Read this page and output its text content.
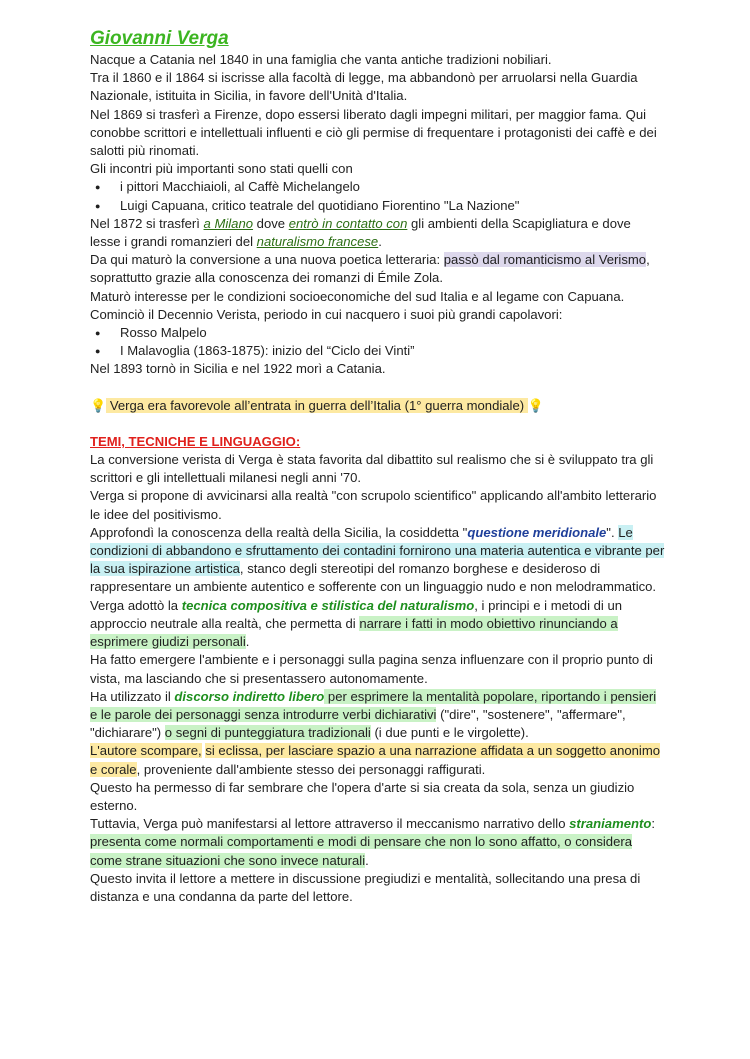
Giovanni Verga

Nacque a Catania nel 1840 in una famiglia che vanta antiche tradizioni nobiliari.

Tra il 1860 e il 1864 si iscrisse alla facoltà di legge, ma abbandonò per arruolarsi nella Guardia Nazionale, istituita in Sicilia, in favore dell'Unità d'Italia.

Nel 1869 si trasferì a Firenze, dopo essersi liberato dagli impegni militari, per maggior fama. Qui conobbe scrittori e intellettuali influenti e ciò gli permise di frequentare i protagonisti dei caffè e dei salotti più rinomati.

Gli incontri più importanti sono stati quelli con

● i pittori Macchiaioli, al Caffè Michelangelo
● Luigi Capuana, critico teatrale del quotidiano Fiorentino "La Nazione"

Nel 1872 si trasferì a Milano dove entrò in contatto con gli ambienti della Scapigliatura e dove lesse i grandi romanzieri del naturalismo francese.

Da qui maturò la conversione a una nuova poetica letteraria: passò dal romanticismo al Verismo, soprattutto grazie alla conoscenza dei romanzi di Émile Zola.

Maturò interesse per le condizioni socioeconomiche del sud Italia e al legame con Capuana.

Cominciò il Decennio Verista, periodo in cui nacquero i suoi più grandi capolavori:

● Rosso Malpelo
● I Malavoglia (1863-1875): inizio del “Ciclo dei Vinti”

Nel 1893 tornò in Sicilia e nel 1922 morì a Catania.

💡 Verga era favorevole all’entrata in guerra dell’Italia (1° guerra mondiale) 💡

TEMI, TECNICHE E LINGUAGGIO:

La conversione verista di Verga è stata favorita dal dibattito sul realismo che si è sviluppato tra gli scrittori e gli intellettuali milanesi negli anni '70.

Verga si propone di avvicinarsi alla realtà "con scrupolo scientifico" applicando all'ambito letterario le idee del positivismo.

Approfondì la conoscenza della realtà della Sicilia, la cosiddetta "questione meridionale". Le condizioni di abbandono e sfruttamento dei contadini fornirono una materia autentica e vibrante per la sua ispirazione artistica, stanco degli stereotipi del romanzo borghese e desideroso di rappresentare un ambiente autentico e sofferente con un linguaggio nudo e non melodrammatico.

Verga adottò la tecnica compositiva e stilistica del naturalismo, i principi e i metodi di un approccio neutrale alla realtà, che permetta di narrare i fatti in modo obiettivo rinunciando a esprimere giudizi personali.

Ha fatto emergere l'ambiente e i personaggi sulla pagina senza influenzare con il proprio punto di vista, ma lasciando che si presentassero autonomamente.

Ha utilizzato il discorso indiretto libero per esprimere la mentalità popolare, riportando i pensieri e le parole dei personaggi senza introdurre verbi dichiarativi ("dire", "sostenere", "affermare", "dichiarare") o segni di punteggiatura tradizionali (i due punti e le virgolette).

L'autore scompare, si eclissa, per lasciare spazio a una narrazione affidata a un soggetto anonimo e corale, proveniente dall'ambiente stesso dei personaggi raffigurati.

Questo ha permesso di far sembrare che l'opera d'arte si sia creata da sola, senza un giudizio esterno.

Tuttavia, Verga può manifestarsi al lettore attraverso il meccanismo narrativo dello straniamento: presenta come normali comportamenti e modi di pensare che non lo sono affatto, o considera come strane situazioni che sono invece naturali.

Questo invita il lettore a mettere in discussione pregiudizi e mentalità, sollecitando una presa di distanza e una condanna da parte del lettore.
